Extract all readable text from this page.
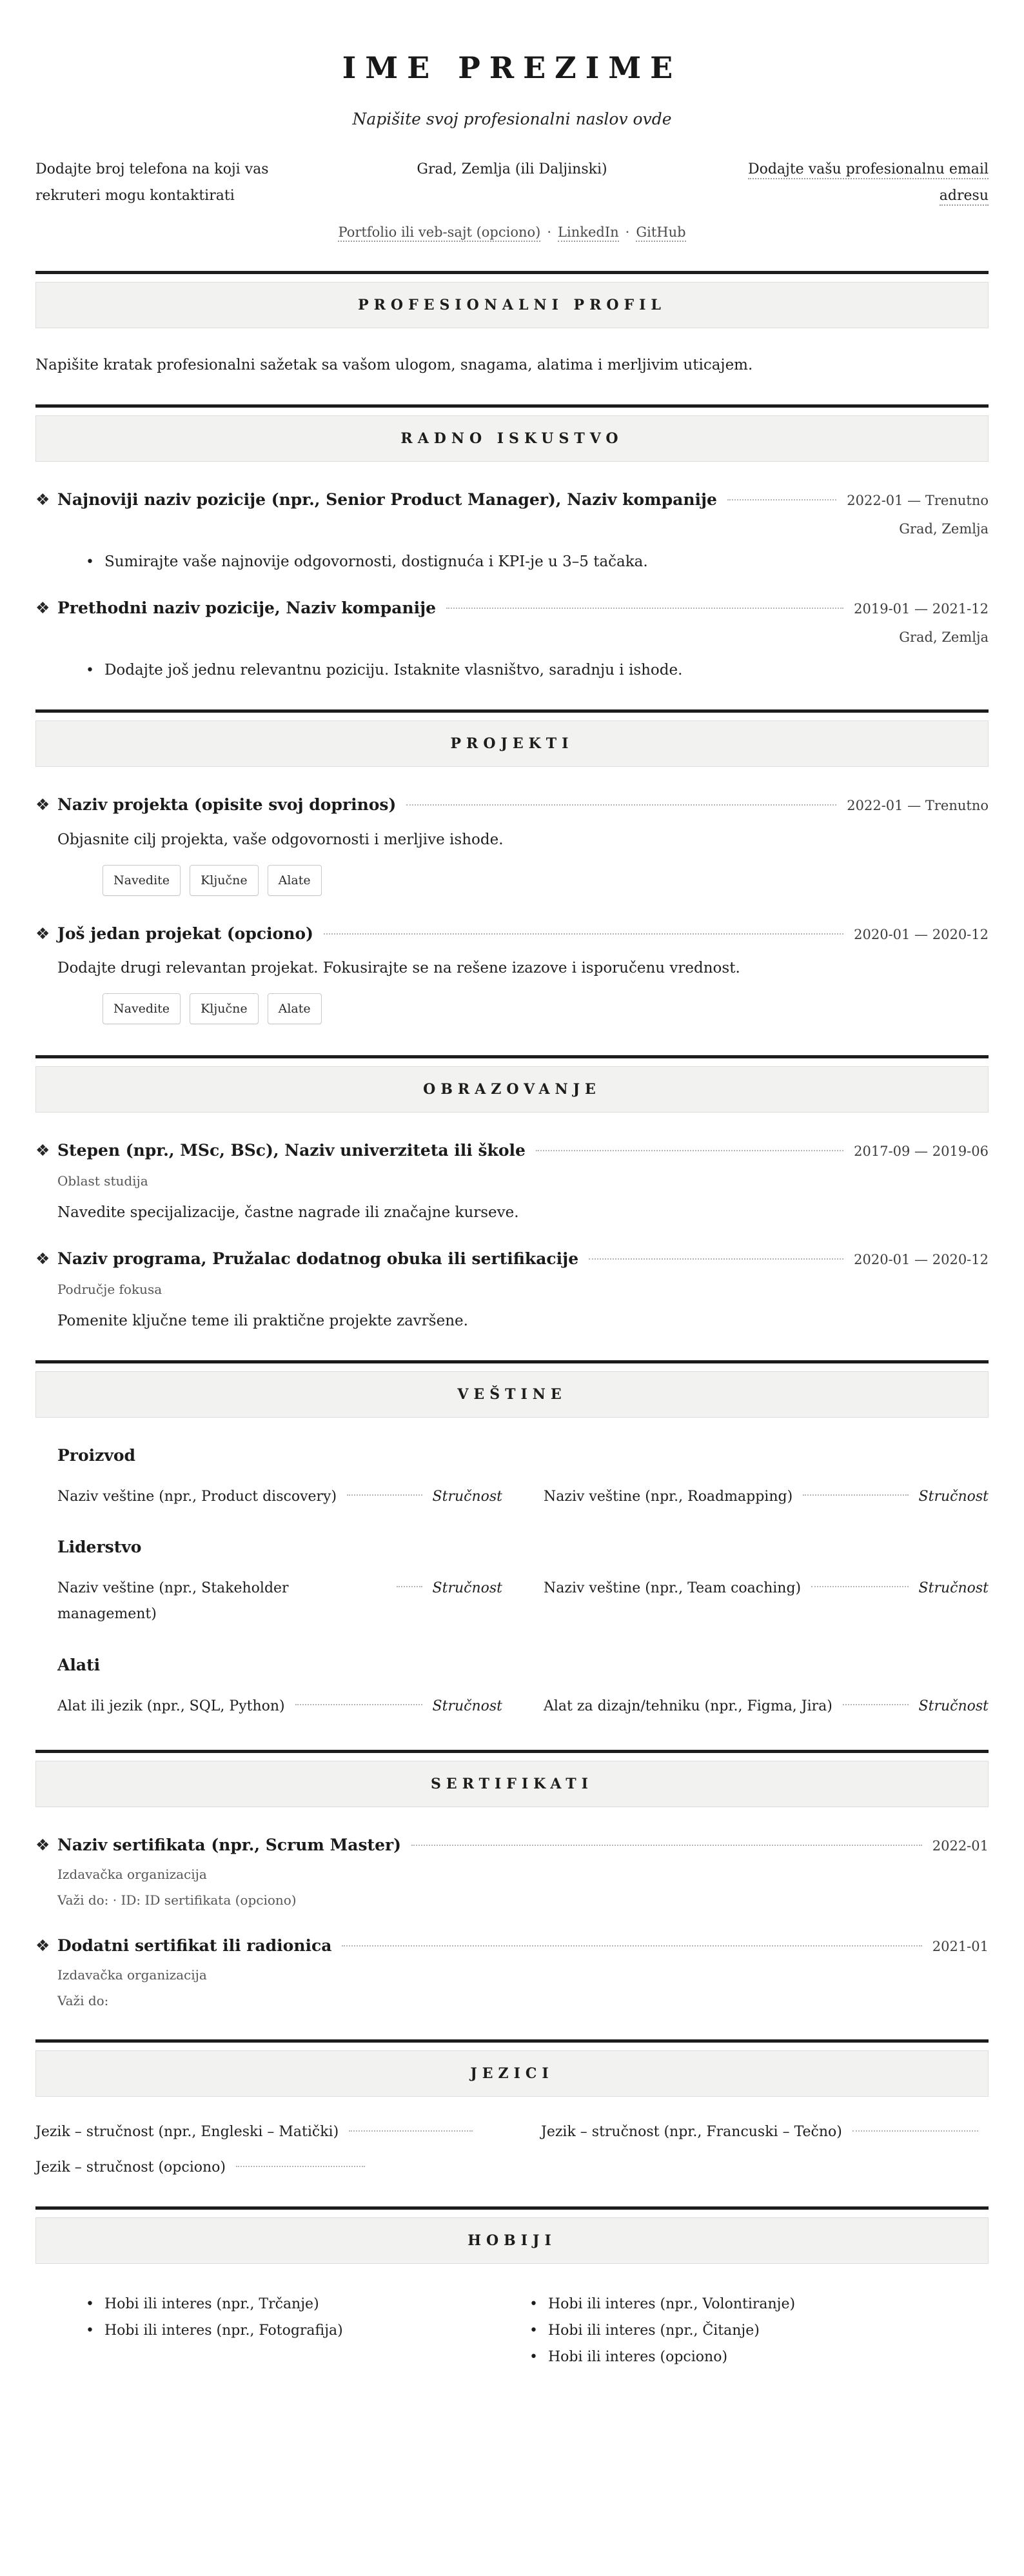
IME PREZIME
Napišite svoj profesionalni naslov ovde
Dodajte broj telefona na koji vas rekruteri mogu kontaktirati
Grad, Zemlja (ili Daljinski)	Dodajte vašu profesionalnu email adresu
Portfolio ili veb-sajt (opciono) · LinkedIn · GitHub
PROFESIONALNI PROFIL

Napišite kratak profesionalni sažetak sa vašom ulogom, snagama, alatima i merljivim uticajem.

RADNO ISKUSTVO
❖ Najnoviji naziv pozicije (npr., Senior Product Manager), Naziv kompanije	2022-01 — Trenutno
Grad, Zemlja
• Sumirajte vaše najnovije odgovornosti, dostignuća i KPI-je u 3–5 tačaka.
❖ Prethodni naziv pozicije, Naziv kompanije	2019-01 — 2021-12
Grad, Zemlja
• Dodajte još jednu relevantnu poziciju. Istaknite vlasništvo, saradnju i ishode.
PROJEKTI
❖ Naziv projekta (opisite svoj doprinos)	2022-01 — Trenutno

Objasnite cilj projekta, vaše odgovornosti i merljive ishode.

Navedite	Ključne	Alate
❖ Još jedan projekat (opciono)	2020-01 — 2020-12

Dodajte drugi relevantan projekat. Fokusirajte se na rešene izazove i isporučenu vrednost.

Navedite	Ključne	Alate
OBRAZOVANJE
❖ Stepen (npr., MSc, BSc), Naziv univerziteta ili škole	2017-09 — 2019-06
Oblast studija

Navedite specijalizacije, častne nagrade ili značajne kurseve.

❖ Naziv programa, Pružalac dodatnog obuka ili sertifikacije	2020-01 — 2020-12
Područje fokusa

Pomenite ključne teme ili praktične projekte završene.

VEŠTINE
Proizvod
Naziv veštine (npr., Product discovery)	Stručnost	Naziv veštine (npr., Roadmapping)	Stručnost
Liderstvo
Naziv veštine (npr., Stakeholder management)
Stručnost	Naziv veštine (npr., Team coaching)	Stručnost
Alati
Alat ili jezik (npr., SQL, Python)	Stručnost	Alat za dizajn/tehniku (npr., Figma, Jira)	Stručnost
SERTIFIKATI
❖ Naziv sertifikata (npr., Scrum Master)	2022-01
Izdavačka organizacija
Važi do: · ID: ID sertifikata (opciono)
❖ Dodatni sertifikat ili radionica	2021-01
Izdavačka organizacija
Važi do:
JEZICI
Jezik – stručnost (npr., Engleski – Matički)	Jezik – stručnost (npr., Francuski – Tečno)
Jezik – stručnost (opciono)
HOBIJI
• Hobi ili interes (npr., Trčanje)
• Hobi ili interes (npr., Fotografija)
• Hobi ili interes (npr., Volontiranje)
• Hobi ili interes (npr., Čitanje)
• Hobi ili interes (opciono)
